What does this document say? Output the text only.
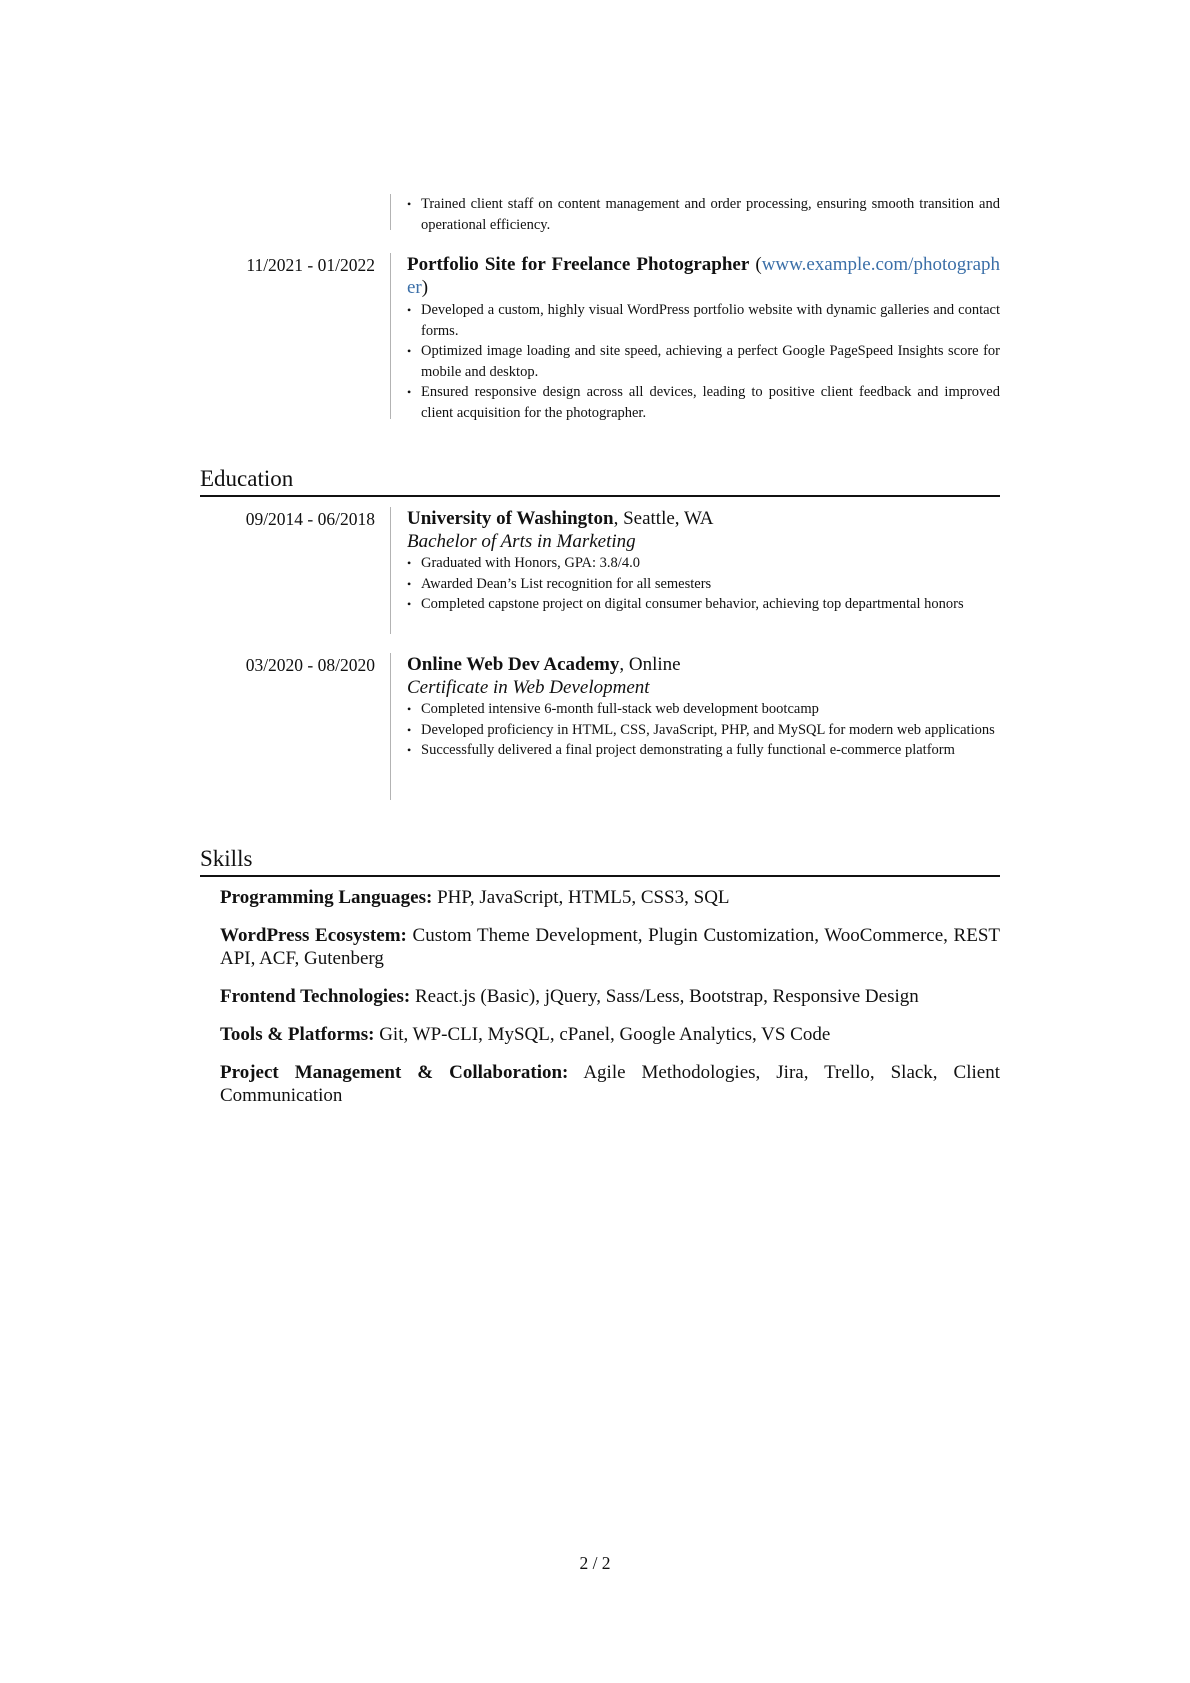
• Trained client staff on content management and order processing, ensuring smooth transition and operational efficiency.
11/2021 - 01/2022 Portfolio Site for Freelance Photographer (www.example.com/photographer)
• Developed a custom, highly visual WordPress portfolio website with dynamic galleries and contact forms.
• Optimized image loading and site speed, achieving a perfect Google PageSpeed Insights score for mobile and desktop.
• Ensured responsive design across all devices, leading to positive client feedback and improved client acquisition for the photographer.
Education
09/2014 - 06/2018 University of Washington, Seattle, WA
Bachelor of Arts in Marketing
• Graduated with Honors, GPA: 3.8/4.0
• Awarded Dean’s List recognition for all semesters
• Completed capstone project on digital consumer behavior, achieving top departmental honors
03/2020 - 08/2020 Online Web Dev Academy, Online
Certificate in Web Development
• Completed intensive 6-month full-stack web development bootcamp
• Developed proficiency in HTML, CSS, JavaScript, PHP, and MySQL for modern web applications
• Successfully delivered a final project demonstrating a fully functional e-commerce platform
Skills
Programming Languages: PHP, JavaScript, HTML5, CSS3, SQL
WordPress Ecosystem: Custom Theme Development, Plugin Customization, WooCommerce, REST API, ACF, Gutenberg
Frontend Technologies: React.js (Basic), jQuery, Sass/Less, Bootstrap, Responsive Design
Tools & Platforms: Git, WP-CLI, MySQL, cPanel, Google Analytics, VS Code
Project Management & Collaboration: Agile Methodologies, Jira, Trello, Slack, Client Communication
2 / 2
